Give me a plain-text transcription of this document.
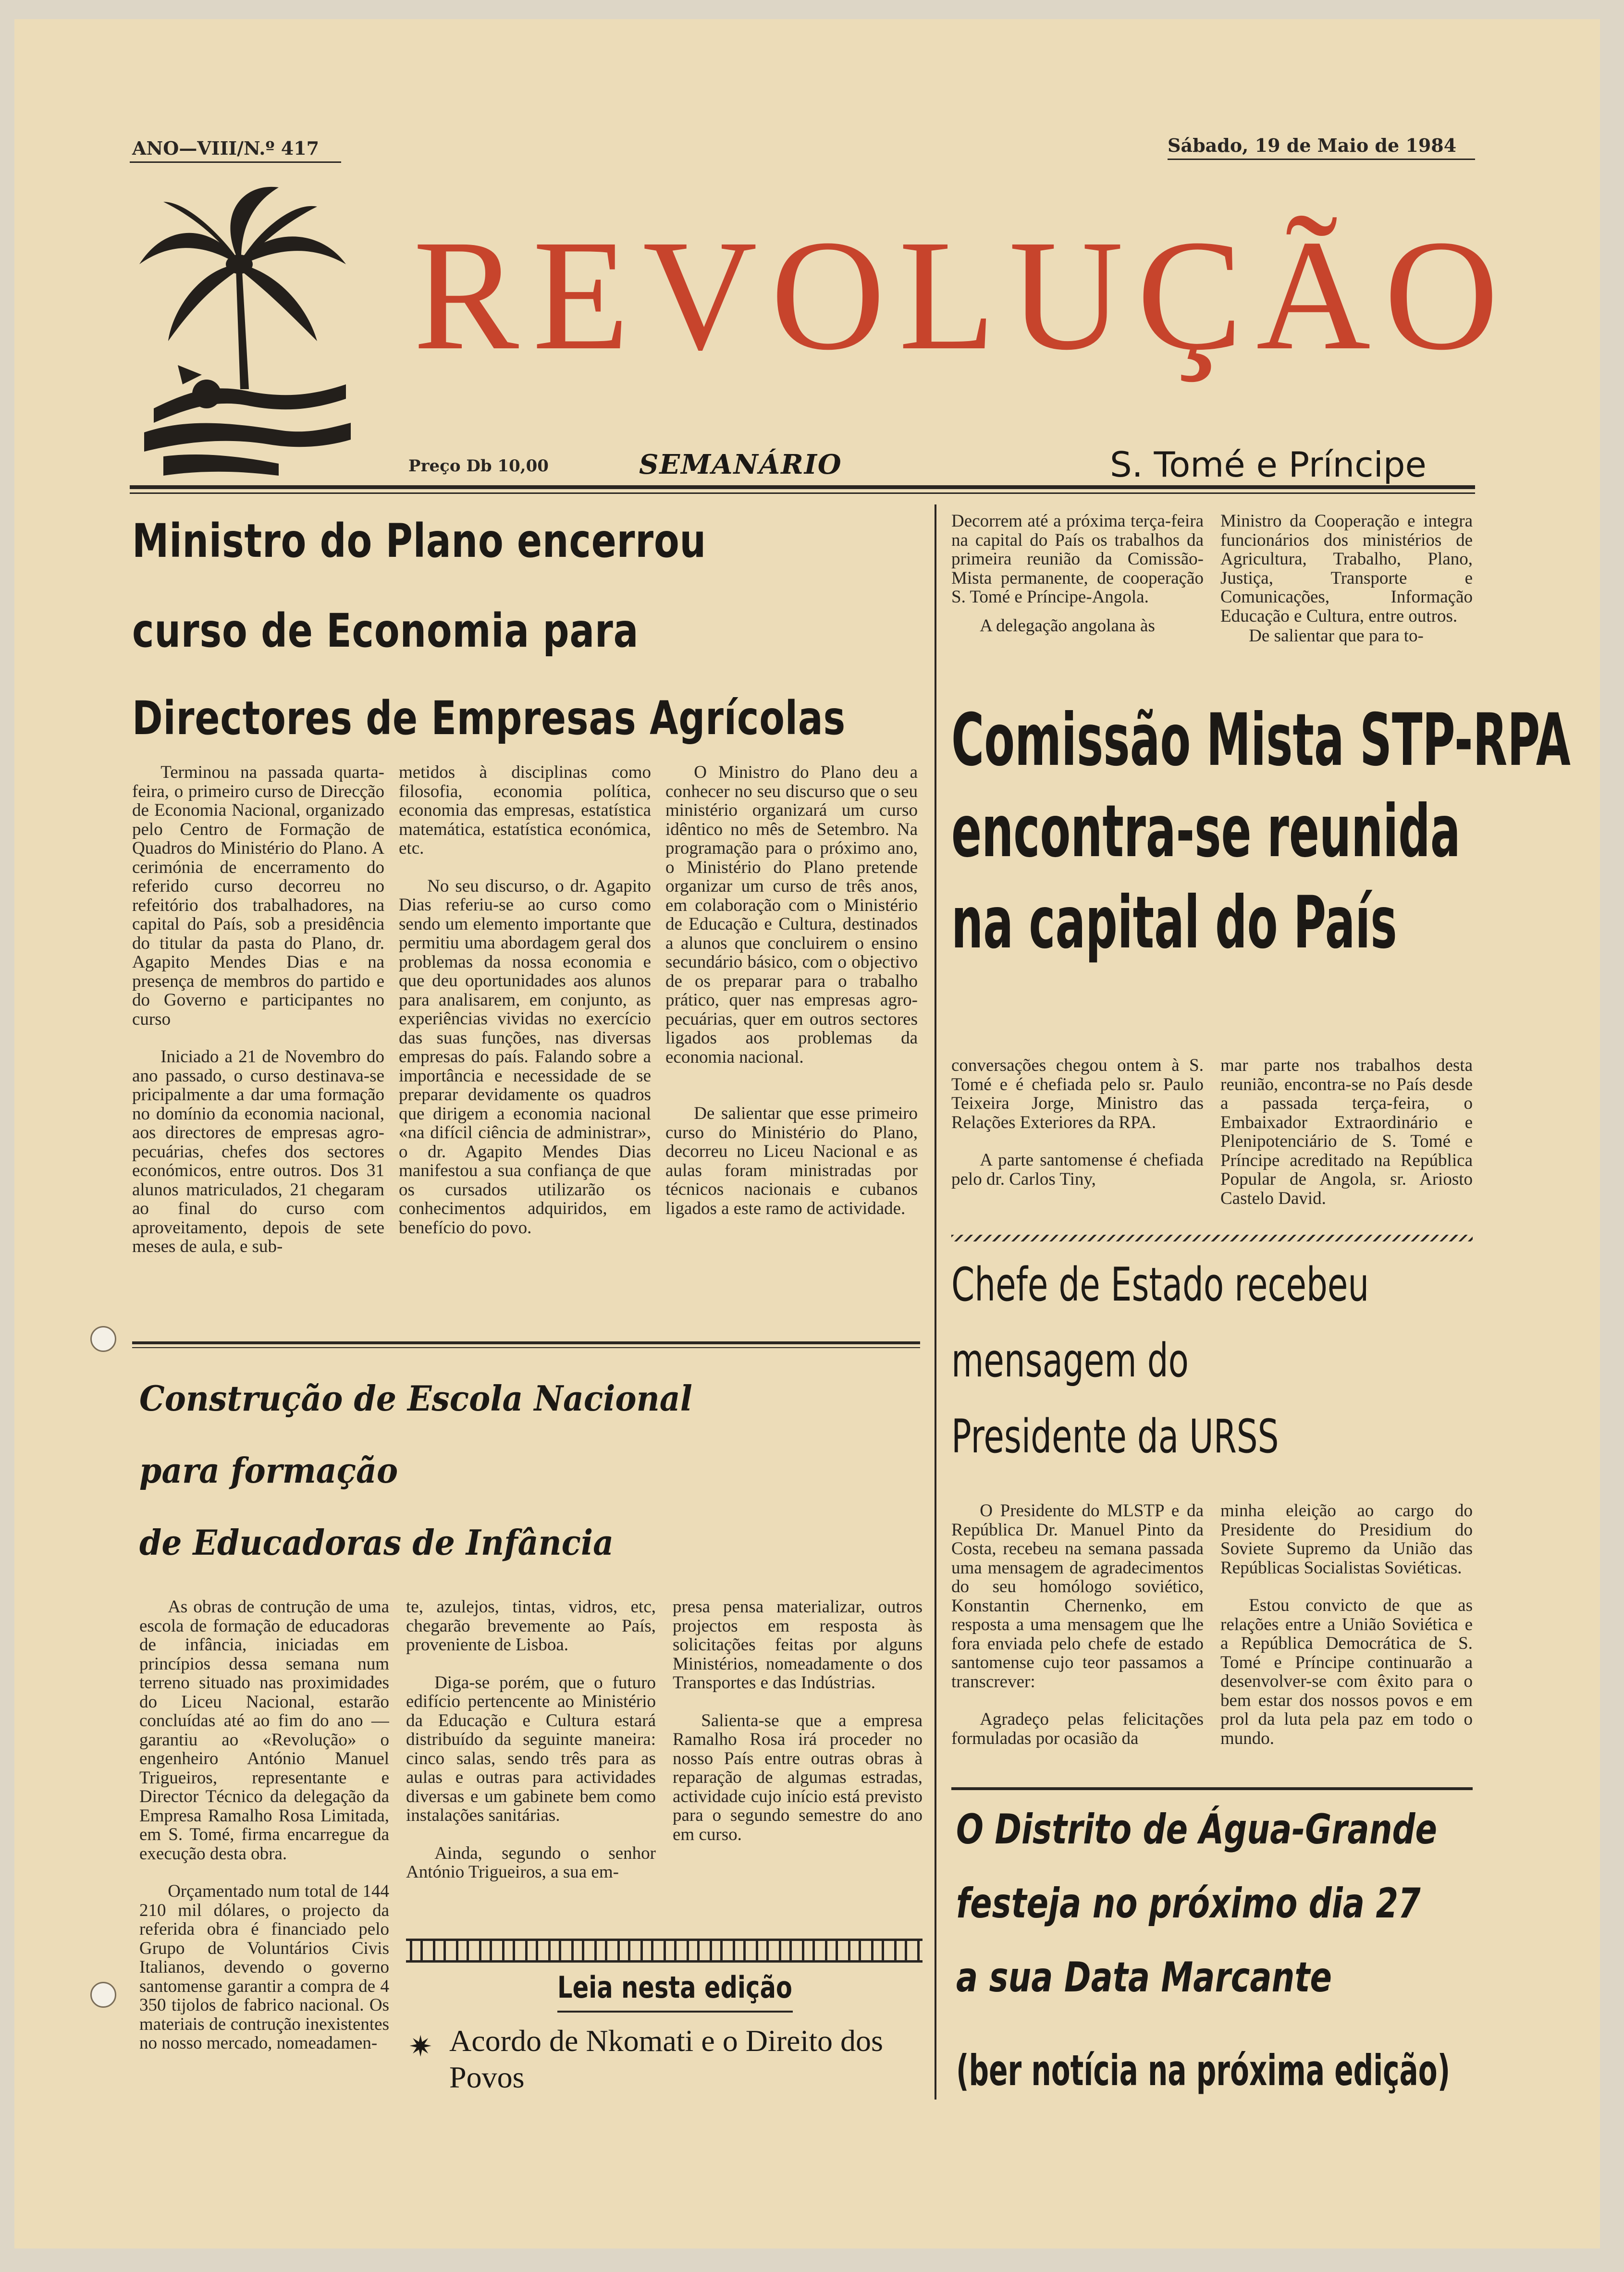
ANO—VIII/N.º 417	Sábado, 19 de Maio de 1984
REVOLUÇÃO
Preço Db 10,00	SEMANÁRIO	S. Tomé e Príncipe
Ministro do Plano encerrou
curso de Economia para
Directores de Empresas Agrícolas

Terminou na passada quarta-feira, o primeiro curso de Direcção de Economia Nacional, organizado pelo Centro de Formação de Quadros do Ministério do Plano. A cerimónia de encerramento do referido curso decorreu no refeitório dos trabalhadores, na capital do País, sob a presidência do titular da pasta do Plano, dr. Agapito Mendes Dias e na presença de membros do partido e do Governo e participantes no curso

Iniciado a 21 de Novembro do ano passado, o curso destinava-se pricipalmente a dar uma formação no domínio da economia nacional, aos directores de empresas agro-pecuárias, chefes dos sectores económicos, entre outros. Dos 31 alunos matriculados, 21 chegaram ao final do curso com aproveitamento, depois de sete meses de aula, e sub-

metidos à disciplinas como filosofia, economia política, economia das empresas, estatística matemática, estatística económica, etc.

No seu discurso, o dr. Agapito Dias referiu-se ao curso como sendo um elemento importante que permitiu uma abordagem geral dos problemas da nossa economia e que deu oportunidades aos alunos para analisarem, em conjunto, as experiências vividas no exercício das suas funções, nas diversas empresas do país. Falando sobre a importância e necessidade de se preparar devidamente os quadros que dirigem a economia nacional «na difícil ciência de administrar», o dr. Agapito Mendes Dias manifestou a sua confiança de que os cursados utilizarão os conhecimentos adquiridos, em benefício do povo.

O Ministro do Plano deu a conhecer no seu discurso que o seu ministério organizará um curso idêntico no mês de Setembro. Na programação para o próximo ano, o Ministério do Plano pretende organizar um curso de três anos, em colaboração com o Ministério de Educação e Cultura, destinados a alunos que concluirem o ensino secundário básico, com o objectivo de os preparar para o trabalho prático, quer nas empresas agro-pecuárias, quer em outros sectores ligados aos problemas da economia nacional.

De salientar que esse primeiro curso do Ministério do Plano, decorreu no Liceu Nacional e as aulas foram ministradas por técnicos nacionais e cubanos ligados a este ramo de actividade.

Construção de Escola Nacional
para formação
de Educadoras de Infância

As obras de contrução de uma escola de formação de educadoras de infância, iniciadas em princípios dessa semana num terreno situado nas proximidades do Liceu Nacional, estarão concluídas até ao fim do ano — garantiu ao «Revolução» o engenheiro António Manuel Trigueiros, representante e Director Técnico da delegação da Empresa Ramalho Rosa Limitada, em S. Tomé, firma encarregue da execução desta obra.

Orçamentado num total de 144 210 mil dólares, o projecto da referida obra é financiado pelo Grupo de Voluntários Civis Italianos, devendo o governo santomense garantir a compra de 4 350 tijolos de fabrico nacional. Os materiais de contrução inexistentes no nosso mercado, nomeadamen-

te, azulejos, tintas, vidros, etc, chegarão brevemente ao País, proveniente de Lisboa.

Diga-se porém, que o futuro edifício pertencente ao Ministério da Educação e Cultura estará distribuído da seguinte maneira: cinco salas, sendo três para as aulas e outras para actividades diversas e um gabinete bem como instalações sanitárias.

Ainda, segundo o senhor António Trigueiros, a sua em-

presa pensa materializar, outros projectos em resposta às solicitações feitas por alguns Ministérios, nomeadamente o dos Transportes e das Indústrias.

Salienta-se que a empresa Ramalho Rosa irá proceder no nosso País entre outras obras à reparação de algumas estradas, actividade cujo início está previsto para o segundo semestre do ano em curso.

Leia nesta edição
✷ Acordo de Nkomati e o Direito dos Povos

Decorrem até a próxima terça-feira na capital do País os trabalhos da primeira reunião da Comissão-Mista permanente, de cooperação S. Tomé e Príncipe-Angola.

A delegação angolana às

Ministro da Cooperação e integra funcionários dos ministérios de Agricultura, Trabalho, Plano, Justiça, Transporte e Comunicações, Informação Educação e Cultura, entre outros.

De salientar que para to-

Comissão Mista STP-RPA
encontra-se reunida
na capital do País

conversações chegou ontem à S. Tomé e é chefiada pelo sr. Paulo Teixeira Jorge, Ministro das Relações Exteriores da RPA.

A parte santomense é chefiada pelo dr. Carlos Tiny,

mar parte nos trabalhos desta reunião, encontra-se no País desde a passada terça-feira, o Embaixador Extraordinário e Plenipotenciário de S. Tomé e Príncipe acreditado na República Popular de Angola, sr. Ariosto Castelo David.

Chefe de Estado recebeu
mensagem do
Presidente da URSS

O Presidente do MLSTP e da República Dr. Manuel Pinto da Costa, recebeu na semana passada uma mensagem de agradecimentos do seu homólogo soviético, Konstantin Chernenko, em resposta a uma mensagem que lhe fora enviada pelo chefe de estado santomense cujo teor passamos a transcrever:

Agradeço pelas felicitações formuladas por ocasião da

minha eleição ao cargo do Presidente do Presidium do Soviete Supremo da União das Repúblicas Socialistas Soviéticas.

Estou convicto de que as relações entre a União Soviética e a República Democrática de S. Tomé e Príncipe continuarão a desenvolver-se com êxito para o bem estar dos nossos povos e em prol da luta pela paz em todo o mundo.

O Distrito de Água-Grande
festeja no próximo dia 27
a sua Data Marcante
(ber notícia na próxima edição)
